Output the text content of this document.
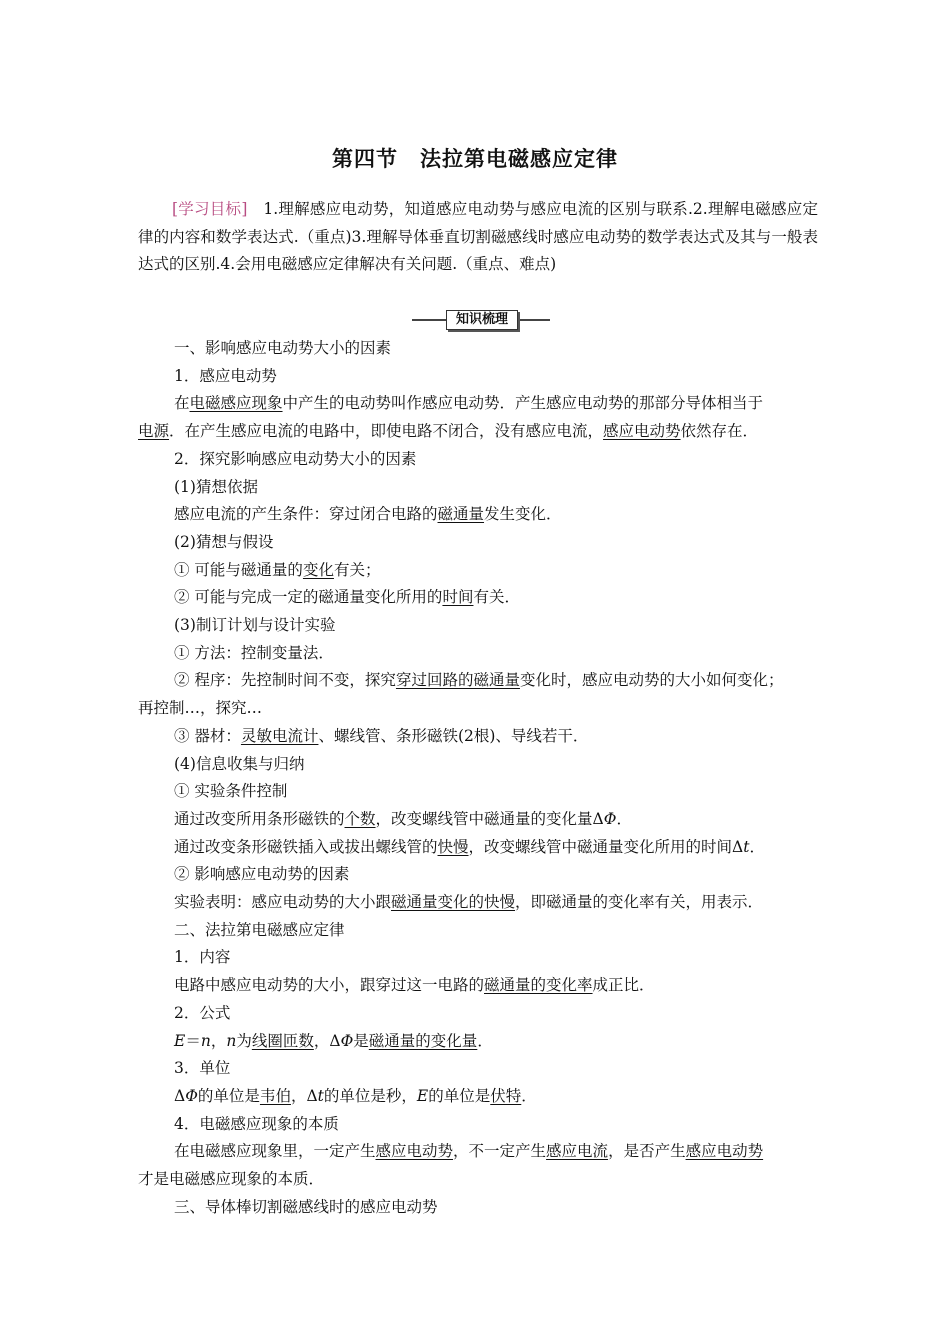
第四节　法拉第电磁感应定律
[学习目标]　1.理解感应电动势，知道感应电动势与感应电流的区别与联系.2.理解电磁感应定律的内容和数学表达式.（重点)3.理解导体垂直切割磁感线时感应电动势的数学表达式及其与一般表达式的区别.4.会用电磁感应定律解决有关问题.（重点、难点)
知识梳理

一、影响感应电动势大小的因素

1．感应电动势

在电磁感应现象中产生的电动势叫作感应电动势．产生感应电动势的那部分导体相当于

电源．在产生感应电流的电路中，即使电路不闭合，没有感应电流，感应电动势依然存在．

2．探究影响感应电动势大小的因素

(1)猜想依据

感应电流的产生条件：穿过闭合电路的磁通量发生变化．

(2)猜想与假设

① 可能与磁通量的变化有关；

② 可能与完成一定的磁通量变化所用的时间有关．

(3)制订计划与设计实验

① 方法：控制变量法．

② 程序：先控制时间不变，探究穿过回路的磁通量变化时，感应电动势的大小如何变化；

再控制…，探究…

③ 器材：灵敏电流计、螺线管、条形磁铁(2根)、导线若干．

(4)信息收集与归纳

① 实验条件控制

通过改变所用条形磁铁的个数，改变螺线管中磁通量的变化量ΔΦ．

通过改变条形磁铁插入或拔出螺线管的快慢，改变螺线管中磁通量变化所用的时间Δt．

② 影响感应电动势的因素

实验表明：感应电动势的大小跟磁通量变化的快慢，即磁通量的变化率有关，用表示．

二、法拉第电磁感应定律

1．内容

电路中感应电动势的大小，跟穿过这一电路的磁通量的变化率成正比．

2．公式

E＝n，n为线圈匝数，ΔΦ是磁通量的变化量．

3．单位

ΔΦ的单位是韦伯，Δt的单位是秒，E的单位是伏特．

4．电磁感应现象的本质

在电磁感应现象里，一定产生感应电动势，不一定产生感应电流，是否产生感应电动势

才是电磁感应现象的本质．

三、导体棒切割磁感线时的感应电动势
